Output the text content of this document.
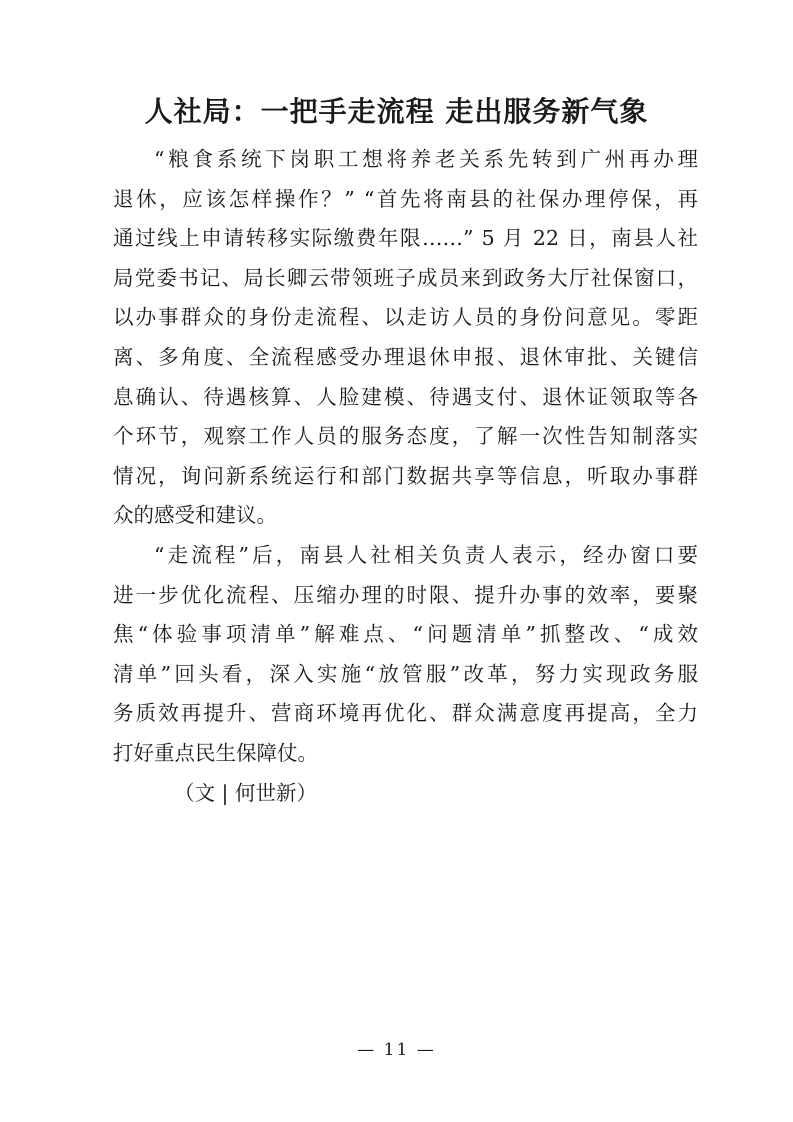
人社局：一把手走流程 走出服务新气象
“粮食系统下岗职工想将养老关系先转到广州再办理
退休，应该怎样操作？” “首先将南县的社保办理停保，再
通过线上申请转移实际缴费年限……” 5 月 22 日，南县人社
局党委书记、局长卿云带领班子成员来到政务大厅社保窗口，
以办事群众的身份走流程、以走访人员的身份问意见。零距
离、多角度、全流程感受办理退休申报、退休审批、关键信
息确认、待遇核算、人脸建模、待遇支付、退休证领取等各
个环节，观察工作人员的服务态度，了解一次性告知制落实
情况，询问新系统运行和部门数据共享等信息，听取办事群
众的感受和建议。
“走流程”后，南县人社相关负责人表示，经办窗口要
进一步优化流程、压缩办理的时限、提升办事的效率，要聚
焦“体验事项清单”解难点、“问题清单”抓整改、“成效
清单”回头看，深入实施“放管服”改革，努力实现政务服
务质效再提升、营商环境再优化、群众满意度再提高，全力
打好重点民生保障仗。
（文 | 何世新）
— 11 —
